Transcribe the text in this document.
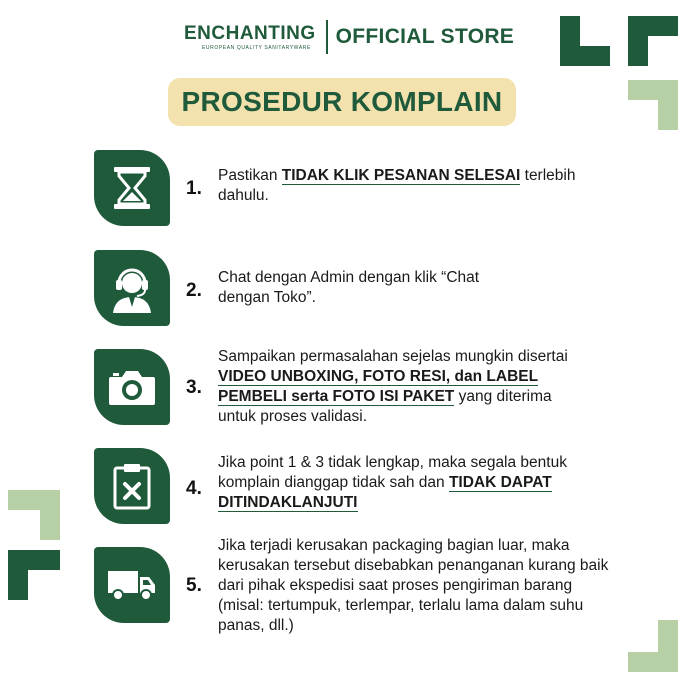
ENCHANTING
EUROPEAN QUALITY SANITARYWARE OFFICIAL STORE
PROSEDUR KOMPLAIN
1.
Pastikan TIDAK KLIK PESANAN SELESAI terlebih dahulu.
2.
Chat dengan Admin dengan klik “Chat dengan Toko”.
3.
Sampaikan permasalahan sejelas mungkin disertai VIDEO UNBOXING, FOTO RESI, dan LABEL PEMBELI serta FOTO ISI PAKET yang diterima untuk proses validasi.
4.
Jika point 1 & 3 tidak lengkap, maka segala bentuk komplain dianggap tidak sah dan TIDAK DAPAT DITINDAKLANJUTI
5.
Jika terjadi kerusakan packaging bagian luar, maka kerusakan tersebut disebabkan penanganan kurang baik dari pihak ekspedisi saat proses pengiriman barang (misal: tertumpuk, terlempar, terlalu lama dalam suhu panas, dll.)
